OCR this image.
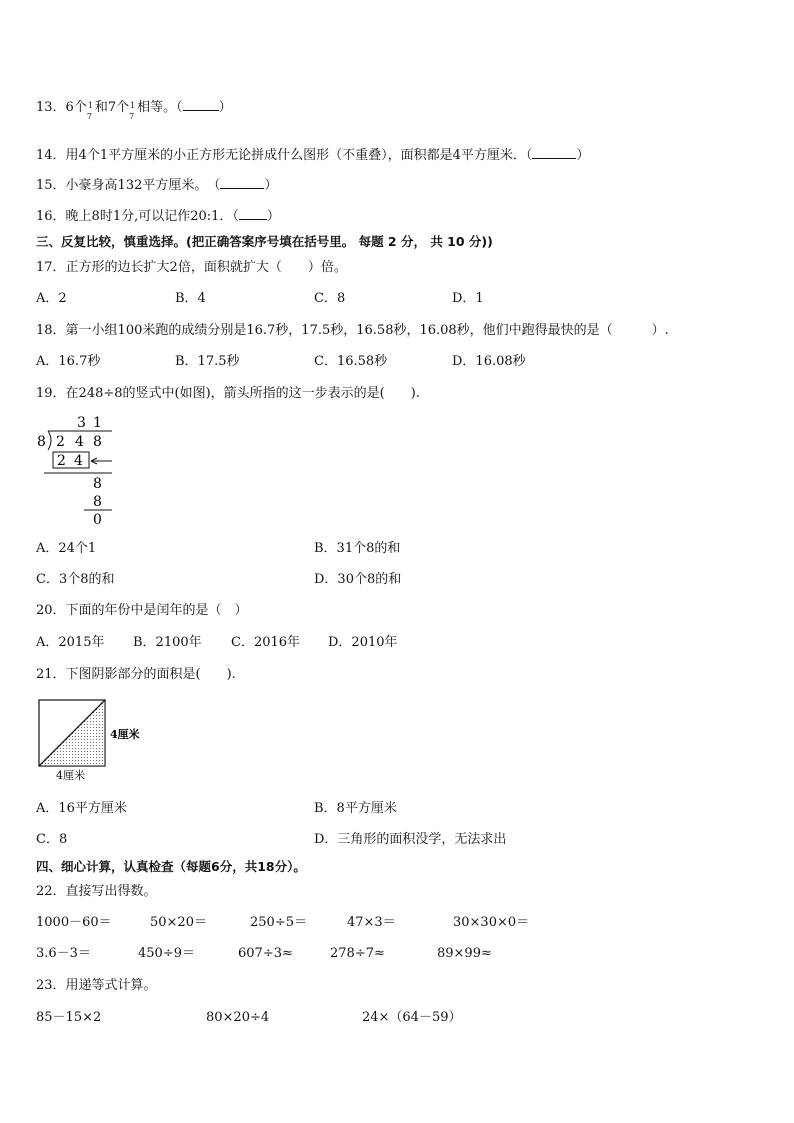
13．6个 1
7
和7个 1
7
相等。（	）
14．用4个1平方厘米的小正方形无论拼成什么图形（不重叠），面积都是4平方厘米．（	）
15．小豪身高132平方厘米。　（	）
16．晚上8时1分,可以记作20:1．（ ）
三、反复比较，慎重选择。(把正确答案序号填在括号里。 每题 2 分， 共 10 分))
17．正方形的边长扩大2倍，面积就扩大（　　）倍。
A．2	B．4	C．8	D．1
18．第一小组100米跑的成绩分别是16.7秒，17.5秒，16.58秒，16.08秒，他们中跑得最快的是（　　　）.
A．16.7秒	B．17.5秒	C．16.58秒	D．16.08秒
19．在248÷8的竖式中(如图)，箭头所指的这一步表示的是(　　).
3 1
8 2 4 8
2 4
8
8
0
A．24个1	B．31个8的和
C．3个8的和	D．30个8的和
20．下面的年份中是闰年的是（　）
A．2015年 B．2100年 C．2016年 D．2010年
21．下图阴影部分的面积是(　　).
4厘米
4厘米
A．16平方厘米	B．8平方厘米
C．8	D．三角形的面积没学，无法求出
四、细心计算，认真检查（每题6分，共18分）。
22．直接写出得数。
1000－60＝	50×20＝	250÷5＝	47×3＝	30×30×0＝
3.6－3＝	450÷9＝	607÷3≈	278÷7≈	89×99≈
23．用递等式计算。
85－15×2	80×20÷4	24×（64－59）
